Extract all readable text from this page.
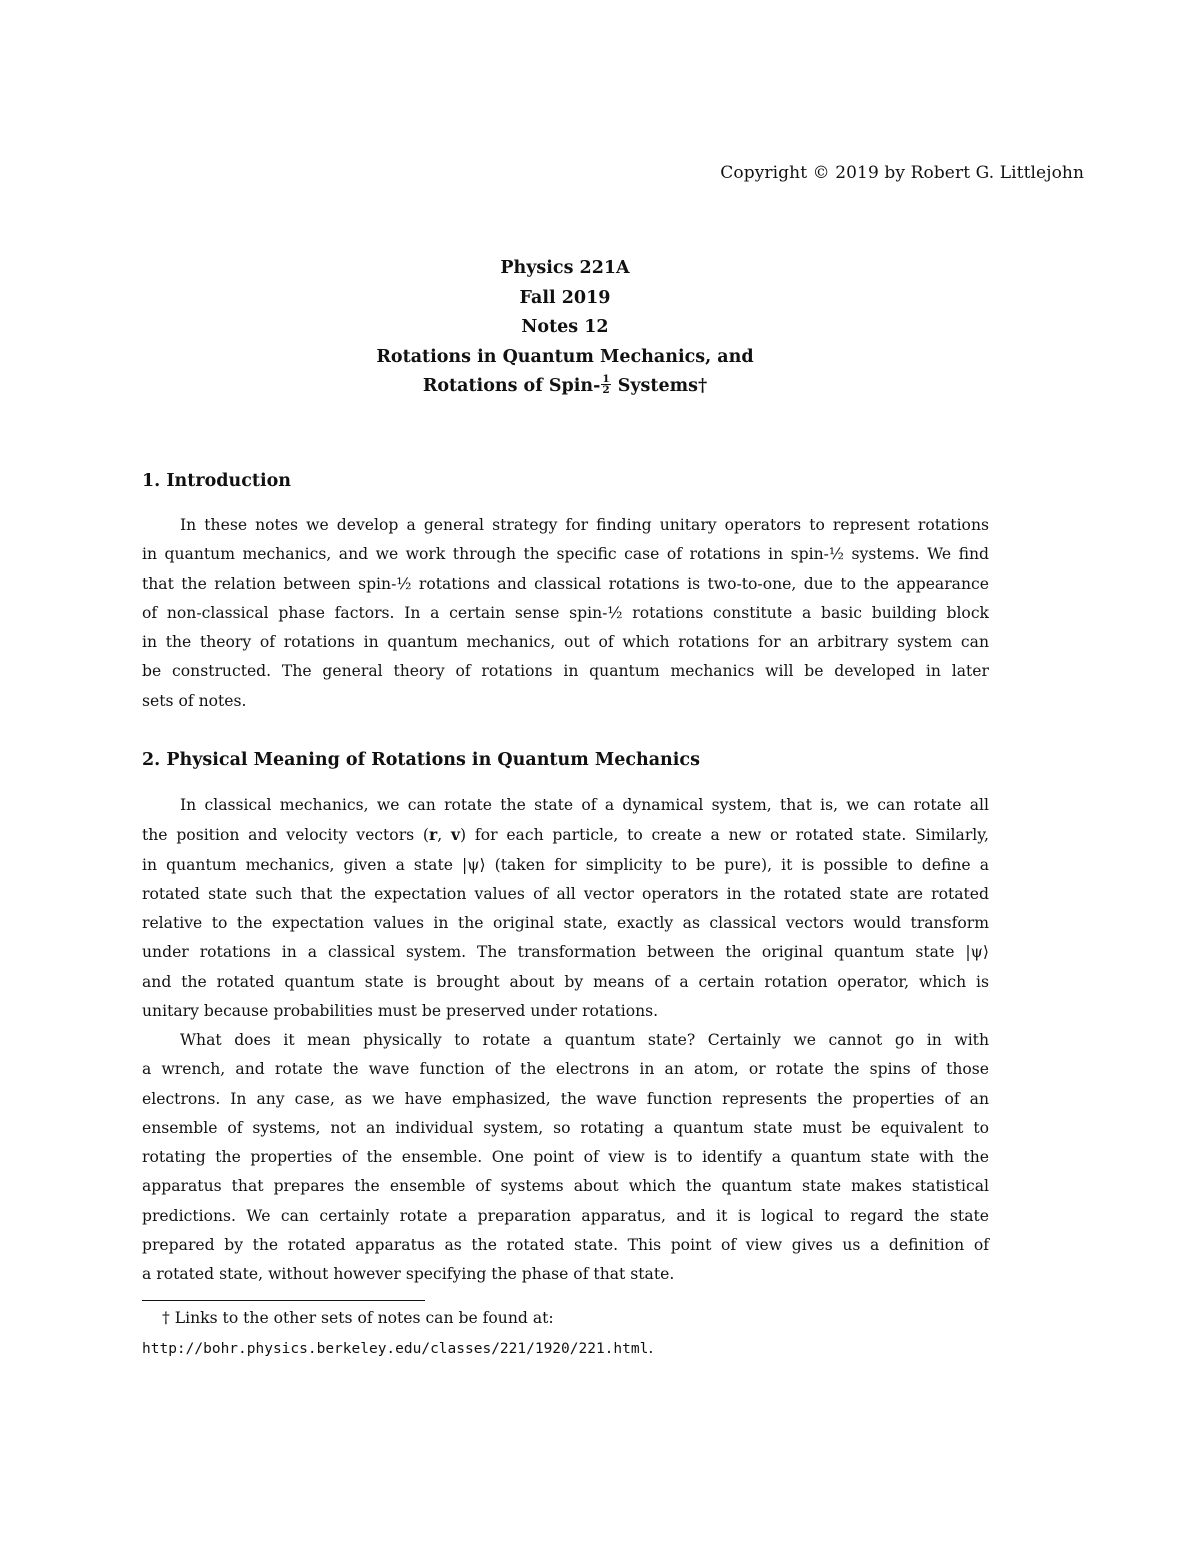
Copyright © 2019 by Robert G. Littlejohn
Physics 221A
Fall 2019
Notes 12
Rotations in Quantum Mechanics, and
Rotations of Spin- $\frac{1}{2}$ Systems†
1. Introduction
In these notes we develop a general strategy for finding unitary operators to represent rotations
in quantum mechanics, and we work through the specific case of rotations in spin-½ systems. We find
that the relation between spin-½ rotations and classical rotations is two-to-one, due to the appearance
of non-classical phase factors. In a certain sense spin-½ rotations constitute a basic building block
in the theory of rotations in quantum mechanics, out of which rotations for an arbitrary system can
be constructed. The general theory of rotations in quantum mechanics will be developed in later
sets of notes.
2. Physical Meaning of Rotations in Quantum Mechanics
In classical mechanics, we can rotate the state of a dynamical system, that is, we can rotate all
the position and velocity vectors (r, v) for each particle, to create a new or rotated state. Similarly,
in quantum mechanics, given a state |ψ⟩ (taken for simplicity to be pure), it is possible to define a
rotated state such that the expectation values of all vector operators in the rotated state are rotated
relative to the expectation values in the original state, exactly as classical vectors would transform
under rotations in a classical system. The transformation between the original quantum state |ψ⟩
and the rotated quantum state is brought about by means of a certain rotation operator, which is
unitary because probabilities must be preserved under rotations.
What does it mean physically to rotate a quantum state? Certainly we cannot go in with
a wrench, and rotate the wave function of the electrons in an atom, or rotate the spins of those
electrons. In any case, as we have emphasized, the wave function represents the properties of an
ensemble of systems, not an individual system, so rotating a quantum state must be equivalent to
rotating the properties of the ensemble. One point of view is to identify a quantum state with the
apparatus that prepares the ensemble of systems about which the quantum state makes statistical
predictions. We can certainly rotate a preparation apparatus, and it is logical to regard the state
prepared by the rotated apparatus as the rotated state. This point of view gives us a definition of
a rotated state, without however specifying the phase of that state.
† Links to the other sets of notes can be found at:
http://bohr.physics.berkeley.edu/classes/221/1920/221.html.
